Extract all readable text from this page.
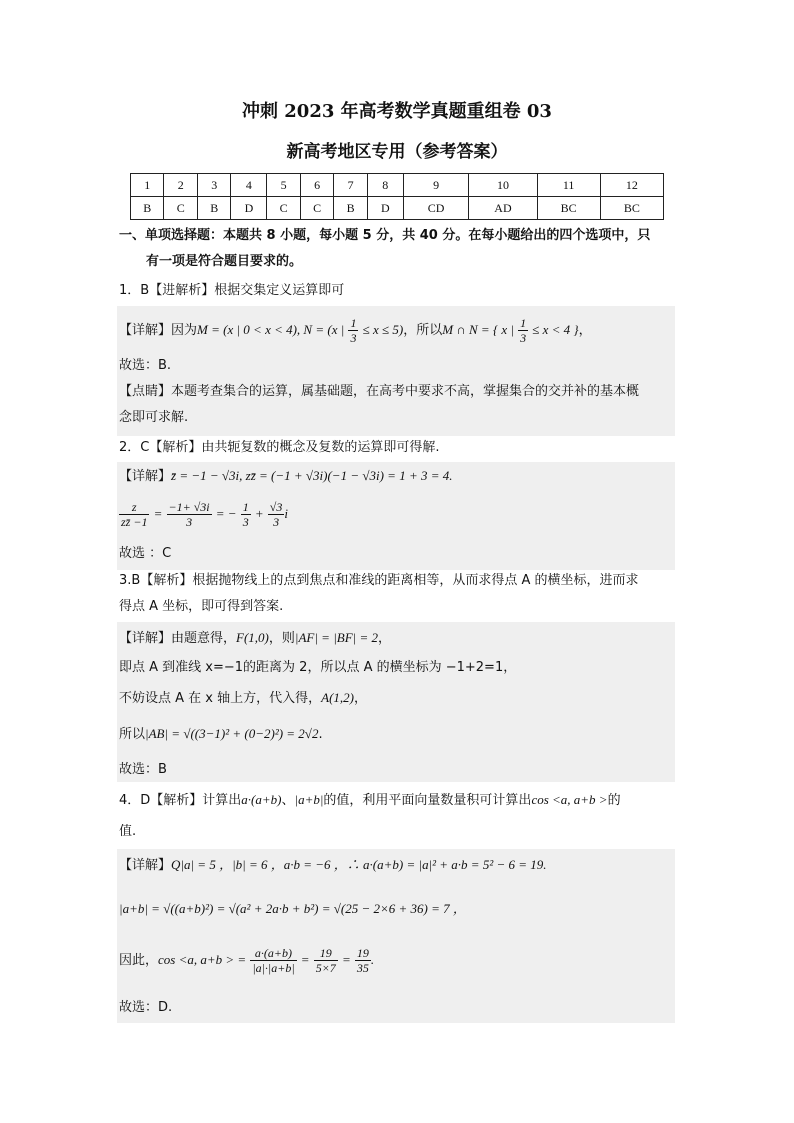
冲刺 2023 年高考数学真题重组卷 03
新高考地区专用（参考答案）
1	2	3	4	5	6	7	8	9	10	11	12
B	C	B	D	C	C	B	D	CD	AD	BC	BC
一、单项选择题：本题共 8 小题，每小题 5 分，共 40 分。在每小题给出的四个选项中，只
有一项是符合题目要求的。
1．B【进解析】根据交集定义运算即可
【详解】因为M = (x | 0 < x < 4), N = (x | $\frac{1}{3} \le x \le 5$)，所以M ∩ N = { x | $\frac{1}{3} \le x < 4$ }，
故选：B.
【点睛】本题考查集合的运算，属基础题，在高考中要求不高，掌握集合的交并补的基本概
念即可求解.
2．C【解析】由共轭复数的概念及复数的运算即可得解.
【详解】z̄ = −1 − √3i, zz̄ = (−1 + √3i)(−1 − √3i) = 1 + 3 = 4.
$\frac{z}{zz̄ -1} = \frac{-1+ √3i}{3}$ = − $\frac{1}{3} + \frac{√3}{3}$ i
故选 ：C
3.B【解析】根据抛物线上的点到焦点和准线的距离相等，从而求得点 A 的横坐标，进而求
得点 A 坐标，即可得到答案.
【详解】由题意得，F(1,0)，则|AF| = |BF| = 2，
即点 A 到准线 x=−1的距离为 2，所以点 A 的横坐标为 −1+2=1，
不妨设点 A 在 x 轴上方，代入得，A(1,2)，
所以|AB| = √((3−1)² + (0−2)²) = 2√2.
故选：B
4．D【解析】计算出a·(a+b)、|a+b|的值，利用平面向量数量积可计算出cos <a, a+b >的
值.
【详解】Q|a| = 5 ，|b| = 6 ，a·b = −6 ，∴ a·(a+b) = |a|² + a·b = 5² − 6 = 19.
|a+b| = √((a+b)²) = √(a² + 2a·b + b²) = √(25 − 2×6 + 36) = 7 ，
因此，cos <a, a+b > = $\frac{a\cdot(a+b)}{|a|\cdot|a+b|} = \frac{19}{5\times 7} = \frac{19}{35}$ .
故选：D.
